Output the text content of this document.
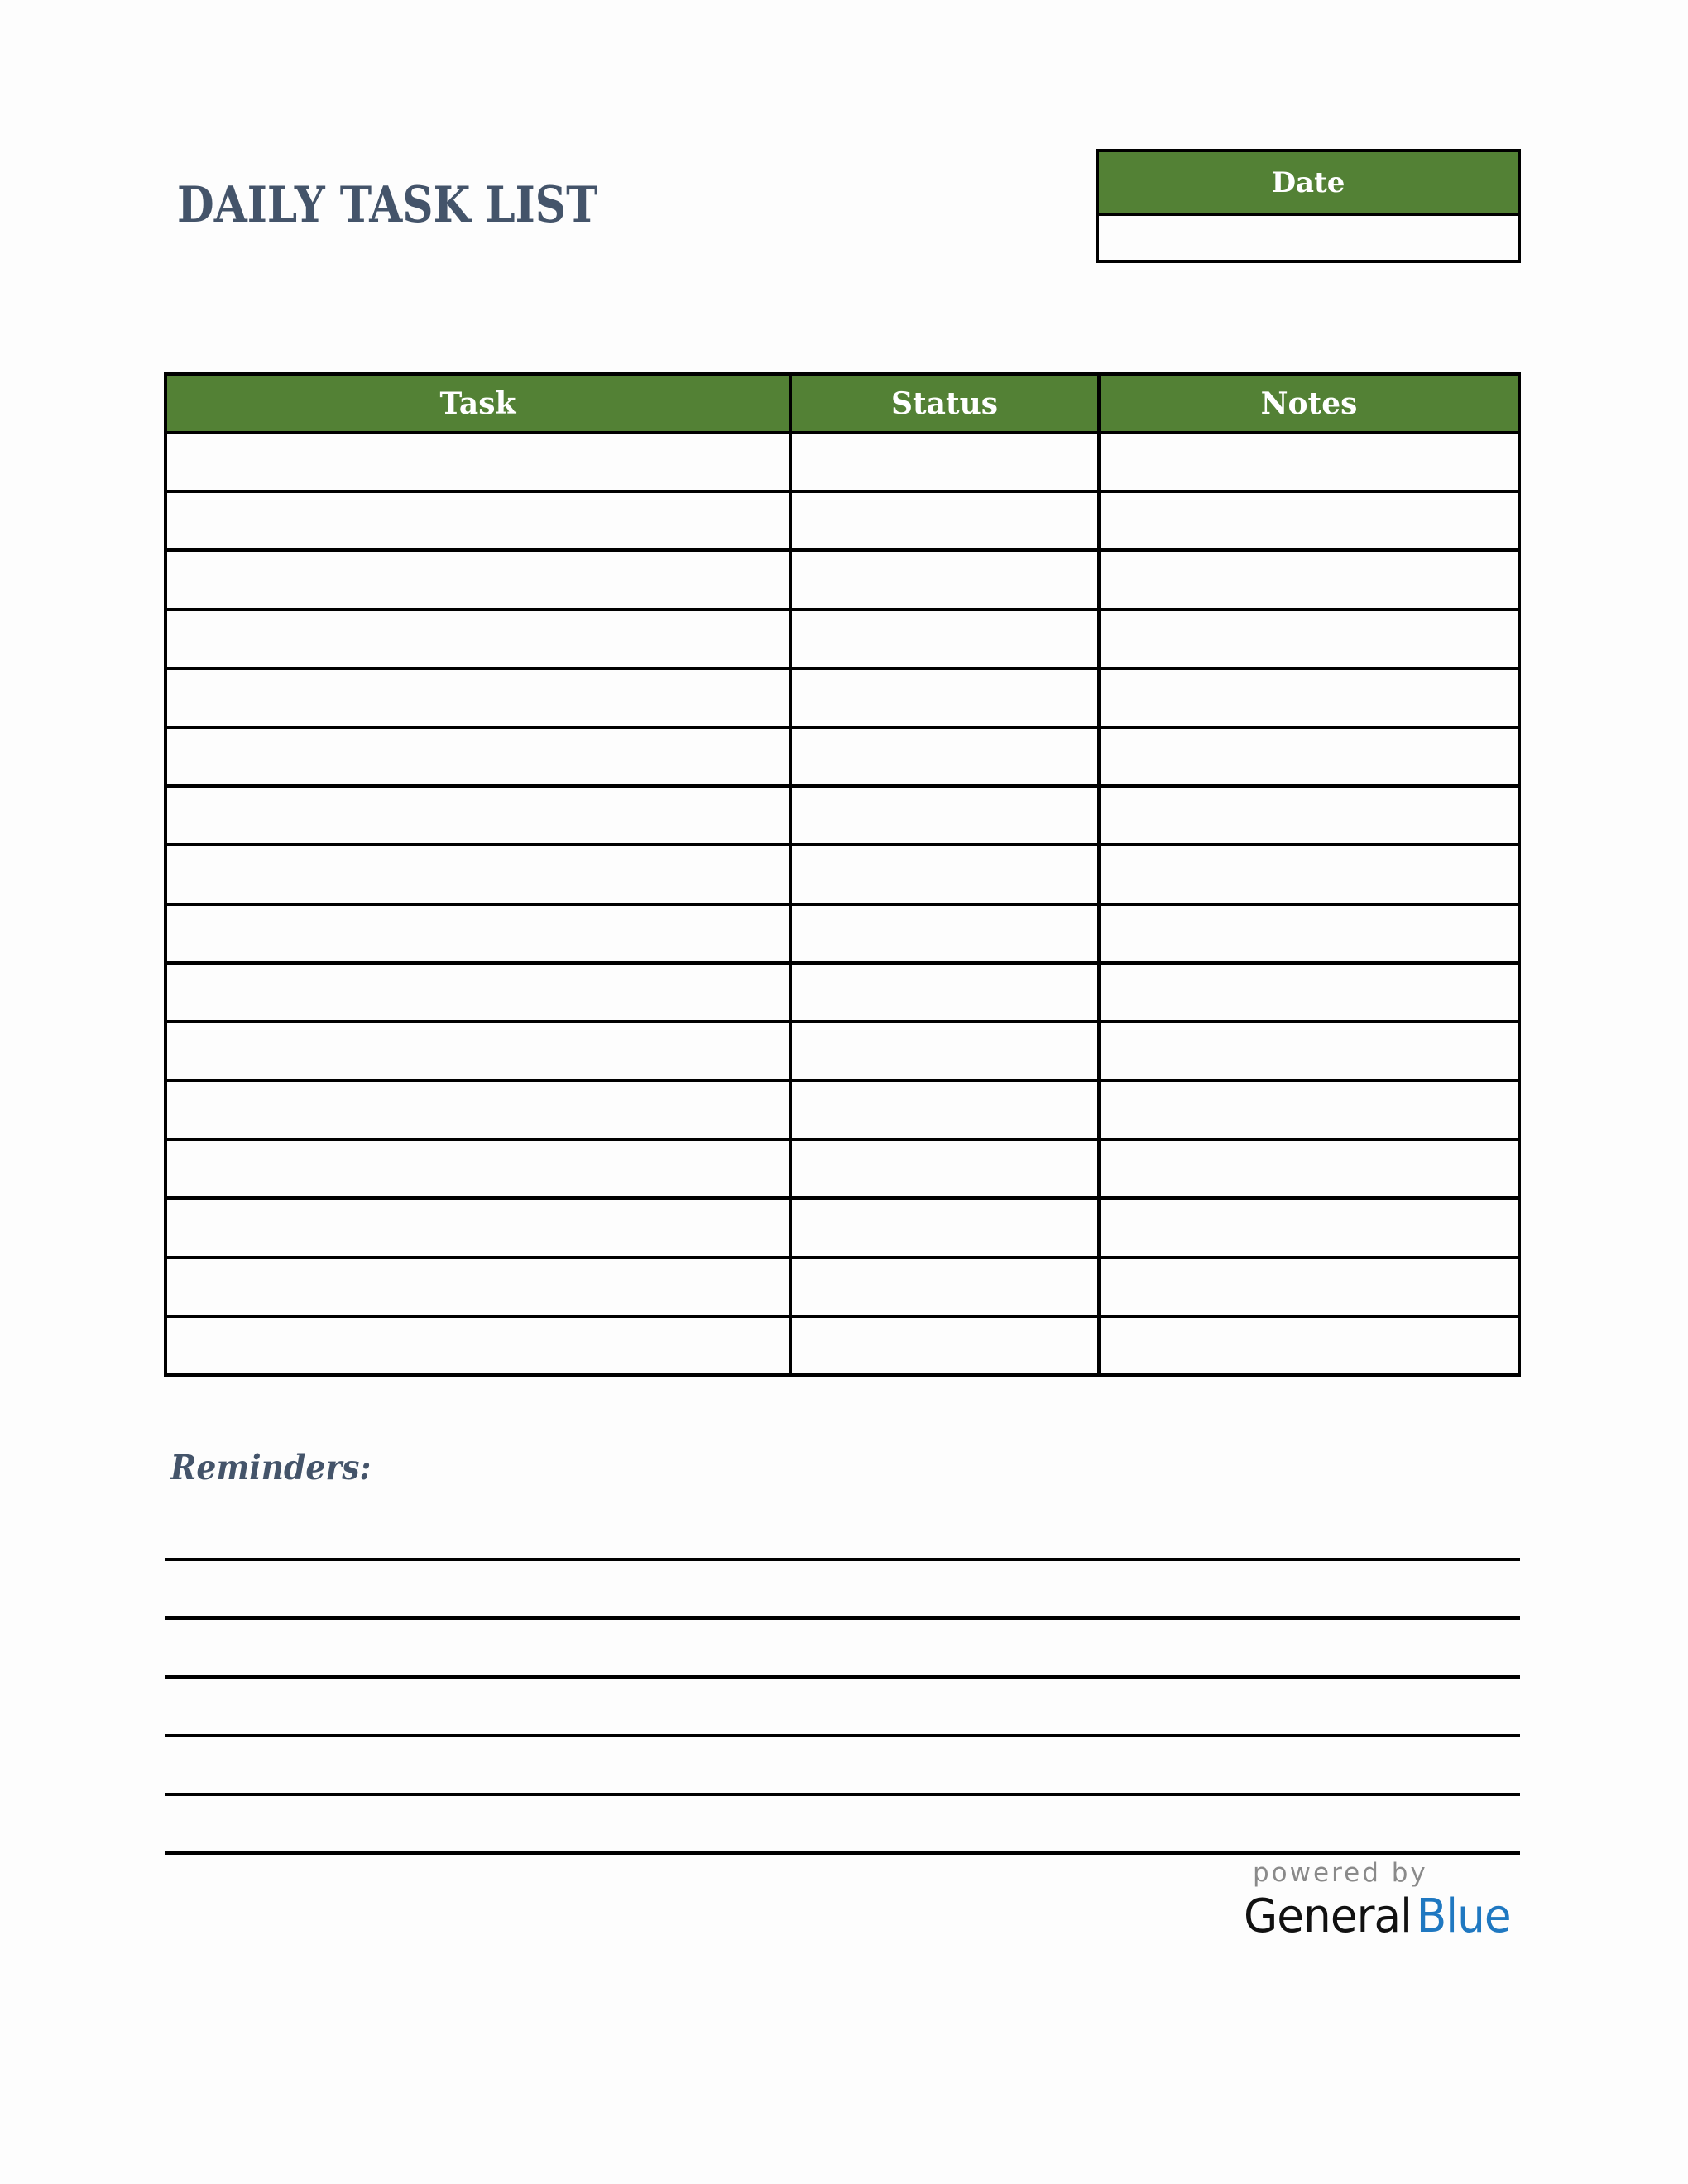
DAILY TASK LIST	Date
Task	Status	Notes
Reminders:
powered by
General Blue
